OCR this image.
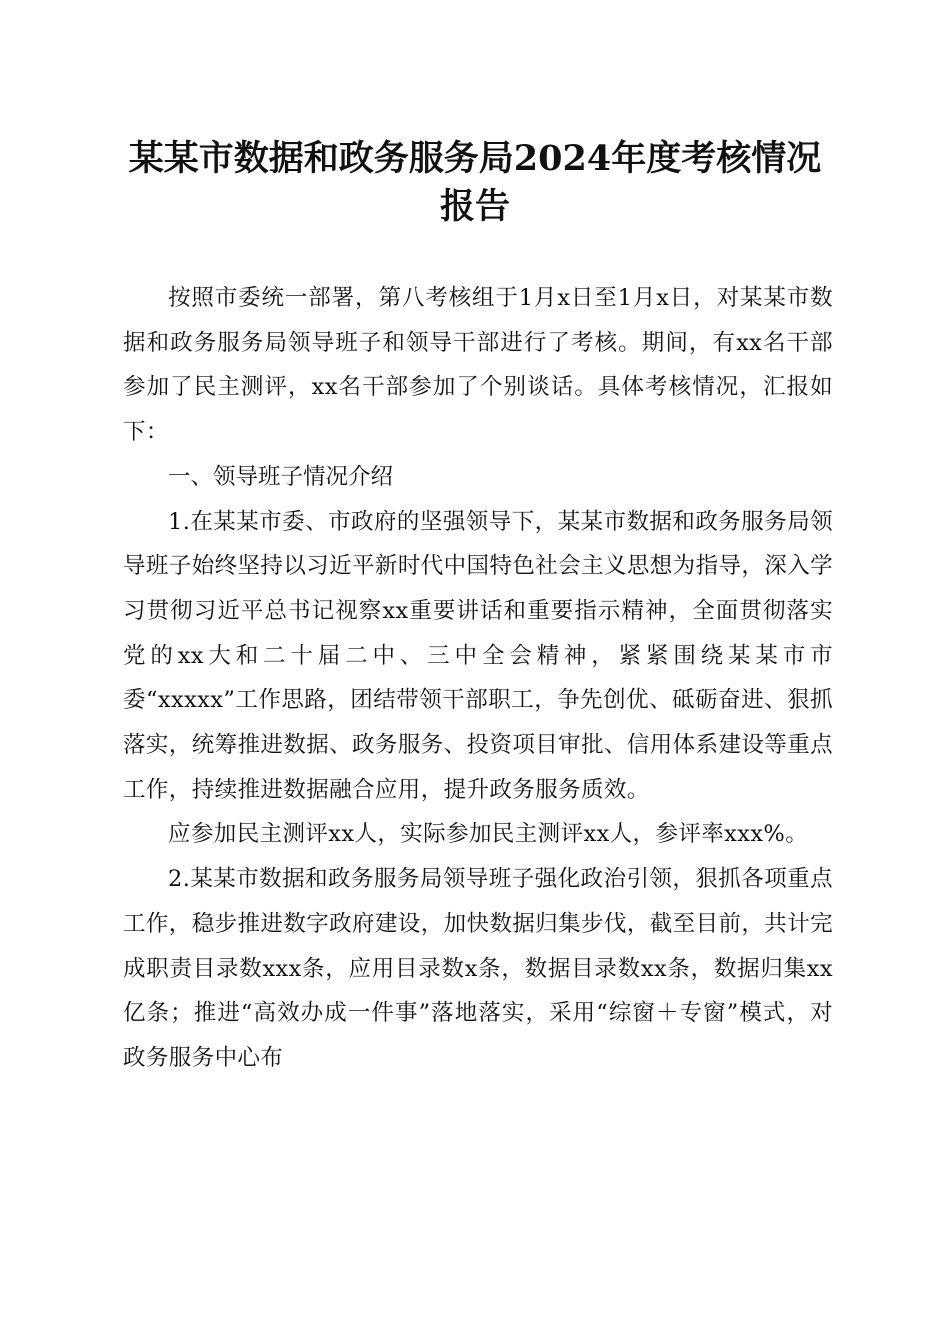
某某市数据和政务服务局2024年度考核情况
报告

按照市委统一部署，第八考核组于1月x日至1月x日，对某某市数据和政务服务局领导班子和领导干部进行了考核。期间，有xx名干部参加了民主测评，xx名干部参加了个别谈话。具体考核情况，汇报如下：

一、领导班子情况介绍

1.在某某市委、市政府的坚强领导下，某某市数据和政务服务局领导班子始终坚持以习近平新时代中国特色社会主义思想为指导，深入学习贯彻习近平总书记视察xx重要讲话和重要指示精神，全面贯彻落实党的xx大和二十届二中、三中全会精神，紧紧围绕某某市市委“xxxxx”工作思路，团结带领干部职工，争先创优、砥砺奋进、狠抓落实，统筹推进数据、政务服务、投资项目审批、信用体系建设等重点工作，持续推进数据融合应用，提升政务服务质效。

应参加民主测评xx人，实际参加民主测评xx人，参评率xxx%。

2.某某市数据和政务服务局领导班子强化政治引领，狠抓各项重点工作，稳步推进数字政府建设，加快数据归集步伐，截至目前，共计完成职责目录数xxx条，应用目录数x条，数据目录数xx条，数据归集xx亿条；推进“高效办成一件事”落地落实，采用“综窗＋专窗”模式，对政务服务中心布
